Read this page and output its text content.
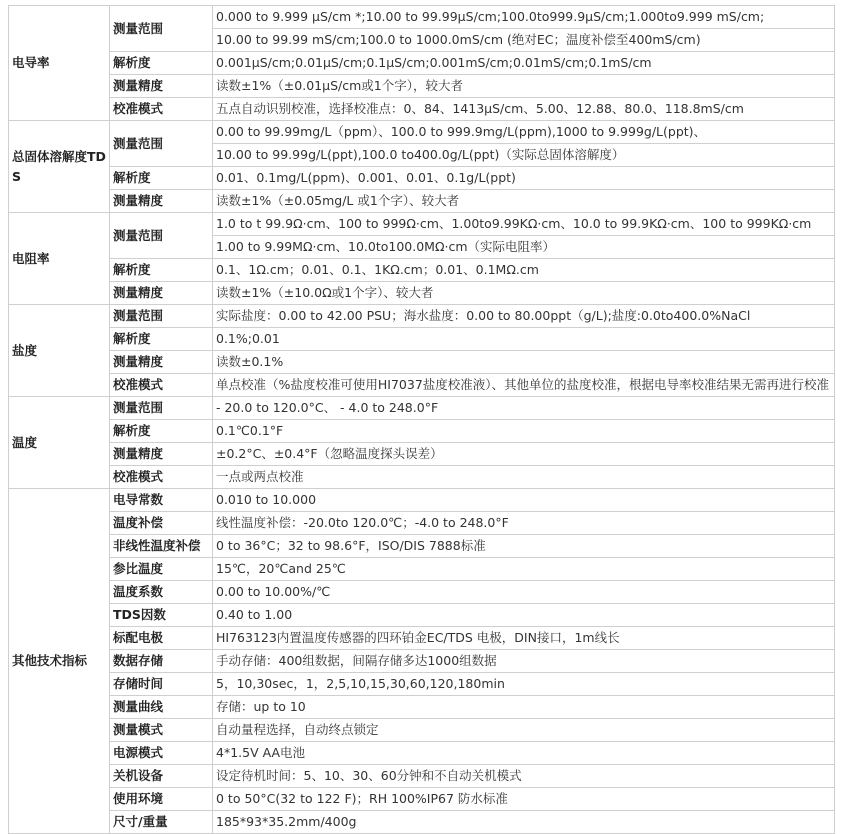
电导率	测量范围	0.000 to 9.999 μS/cm *;10.00 to 99.99μS/cm;100.0to999.9μS/cm;1.000to9.999 mS/cm;
		10.00 to 99.99 mS/cm;100.0 to 1000.0mS/cm (绝对EC；温度补偿至400mS/cm)
	解析度	0.001μS/cm;0.01μS/cm;0.1μS/cm;0.001mS/cm;0.01mS/cm;0.1mS/cm
	测量精度	读数±1%（±0.01μS/cm或1个字），较大者
	校准模式	五点自动识别校准，选择校准点：0、84、1413μS/cm、5.00、12.88、80.0、118.8mS/cm
总固体溶解度TDS	测量范围	0.00 to 99.99mg/L（ppm）、100.0 to 999.9mg/L(ppm),1000 to 9.999g/L(ppt)、
		10.00 to 99.99g/L(ppt),100.0 to400.0g/L(ppt)（实际总固体溶解度）
	解析度	0.01、0.1mg/L(ppm)、0.001、0.01、0.1g/L(ppt)
	测量精度	读数±1%（±0.05mg/L 或1个字）、较大者
电阻率	测量范围	1.0 to t 99.9Ω·cm、100 to 999Ω·cm、1.00to9.99KΩ·cm、10.0 to 99.9KΩ·cm、100 to 999KΩ·cm
		1.00 to 9.99MΩ·cm、10.0to100.0MΩ·cm（实际电阻率）
	解析度	0.1、1Ω.cm；0.01、0.1、1KΩ.cm；0.01、0.1MΩ.cm
	测量精度	读数±1%（±10.0Ω或1个字）、较大者
盐度	测量范围	实际盐度：0.00 to 42.00 PSU；海水盐度：0.00 to 80.00ppt（g/L);盐度:0.0to400.0%NaCl
	解析度	0.1%;0.01
	测量精度	读数±0.1%
	校准模式	单点校准（%盐度校准可使用HI7037盐度校准液）、其他单位的盐度校准，根据电导率校准结果无需再进行校准
温度	测量范围	- 20.0 to 120.0°C、 - 4.0 to 248.0°F
	解析度	0.1℃0.1°F
	测量精度	±0.2°C、±0.4°F（忽略温度探头误差）
	校准模式	一点或两点校准
其他技术指标	电导常数	0.010 to 10.000
	温度补偿	线性温度补偿：-20.0to 120.0℃；-4.0 to 248.0°F
	非线性温度补偿	0 to 36°C；32 to 98.6°F，ISO/DIS 7888标准
	参比温度	15℃，20℃and 25℃
	温度系数	0.00 to 10.00%/℃
	TDS因数	0.40 to 1.00
	标配电极	HI763123内置温度传感器的四环铂金EC/TDS 电极，DIN接口，1m线长
	数据存储	手动存储：400组数据，间隔存储多达1000组数据
	存储时间	5，10,30sec，1，2,5,10,15,30,60,120,180min
	测量曲线	存储：up to 10
	测量模式	自动量程选择，自动终点锁定
	电源模式	4*1.5V AA电池
	关机设备	设定待机时间：5、10、30、60分钟和不自动关机模式
	使用环境	0 to 50°C(32 to 122 F)；RH 100%IP67 防水标准
	尺寸/重量	185*93*35.2mm/400g
